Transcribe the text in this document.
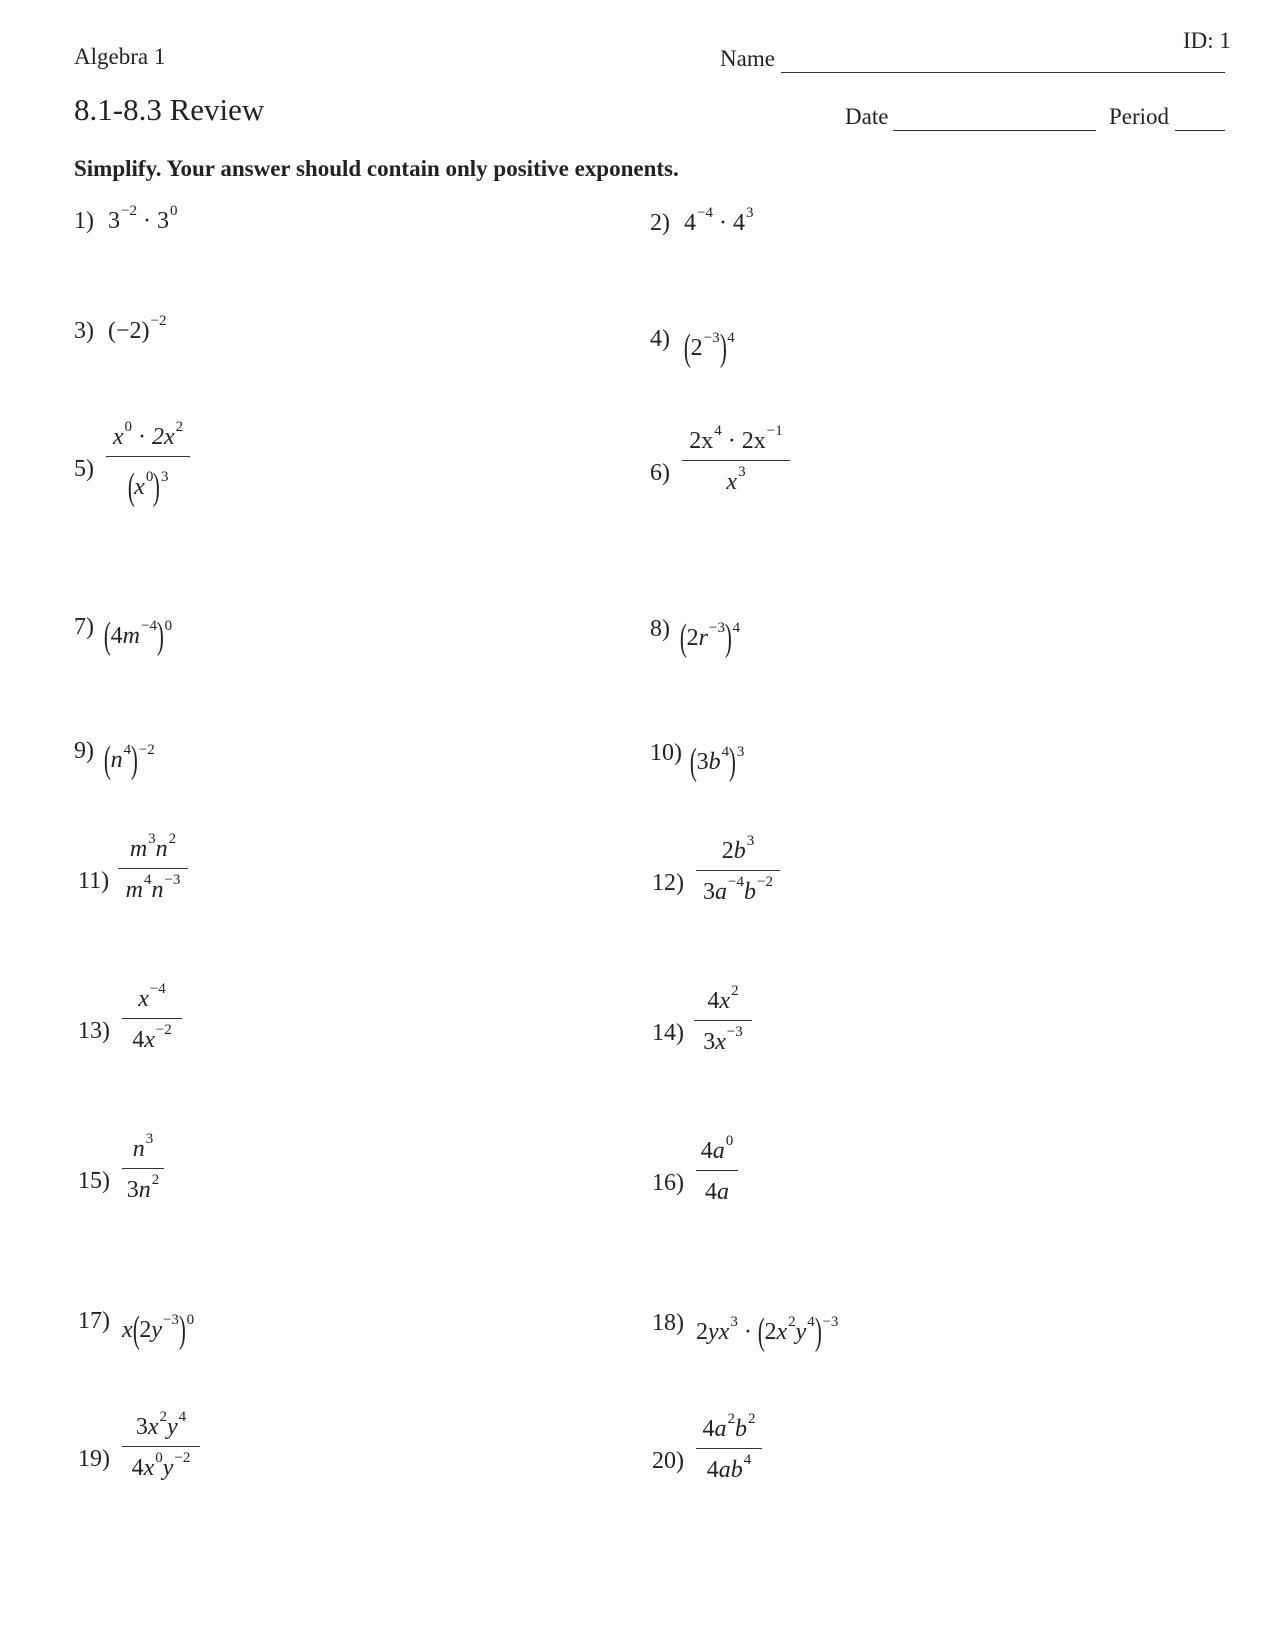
Algebra 1
ID: 1
Name
8.1-8.3 Review	Date	Period
Simplify. Your answer should contain only positive exponents.
1) $3^{-2} \cdot 3^0$	2) $4^{-4} \cdot 4^3$
3) $(-2)^{-2}$
4) $(2^{-3})^4$
$5) \frac{x^0 \cdot 2x^2}{(x^0)^3}$	$6) \frac{2x^4 \cdot 2x^{-1}}{x^3}$
7) $(4m^{-4})^0$	8) $(2r^{-3})^4$
9) $(n^4)^{-2}$	10) $(3b^4)^3$
$11) \frac{m^3n^2}{m^4n^{-3}}$	$12) \frac{2b^3}{3a^{-4}b^{-2}}$
$13) \frac{x^{-4}}{4x^{-2}}$	$14) \frac{4x^2}{3x^{-3}}$
$15) \frac{n^3}{3n^2}$	$16) \frac{4a^0}{4a}$
17) $x(2y^{-3})^0$	18) $2yx^3 \cdot (2x^2y^4)^{-3}$
$19) \frac{3x^2y^4}{4x^0y^{-2}}$	$20) \frac{4a^2b^2}{4ab^4}$
